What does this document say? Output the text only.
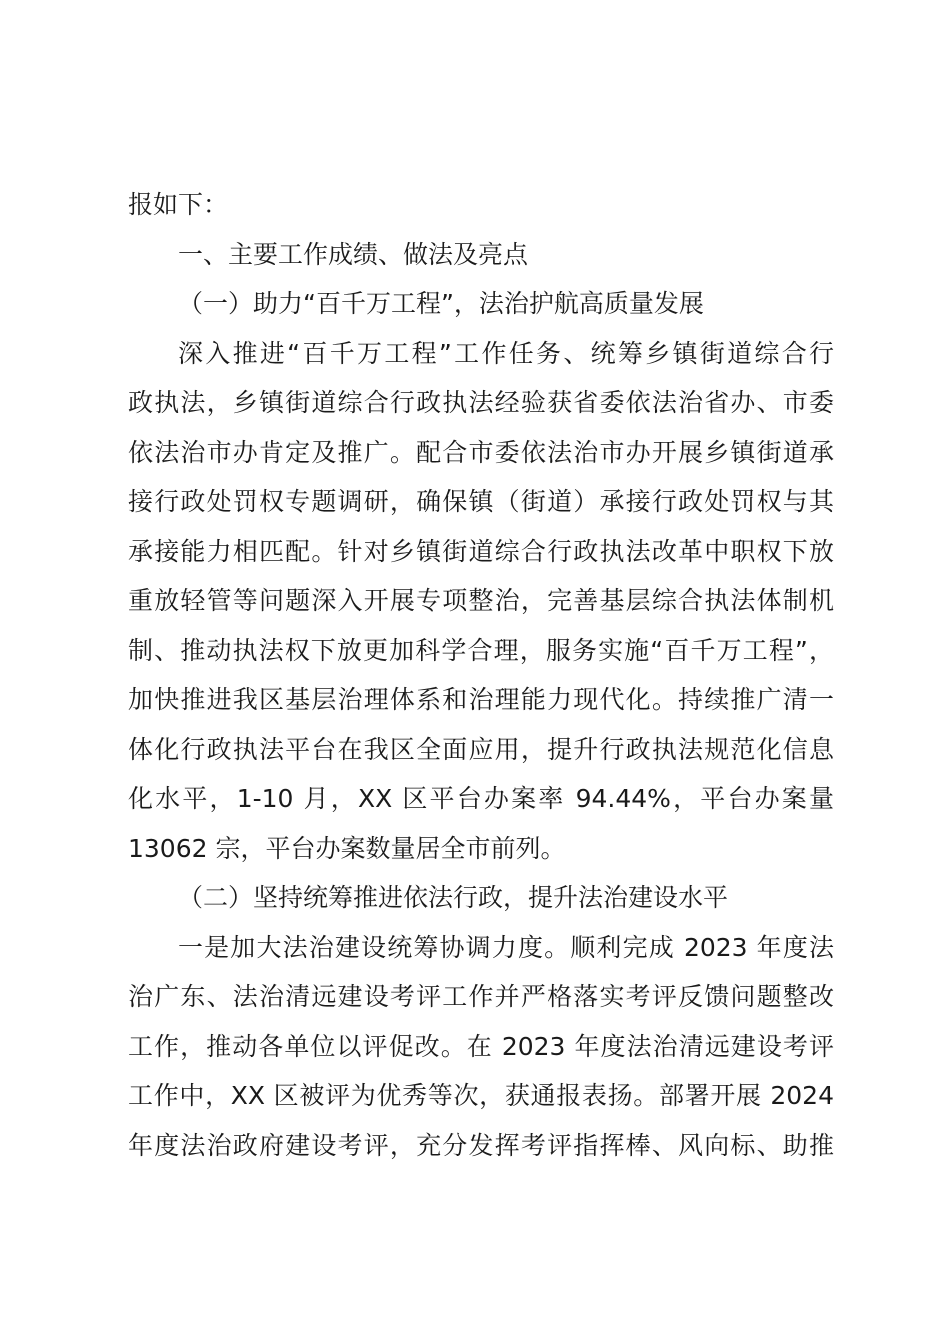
报如下：
一、主要工作成绩、做法及亮点
（一）助力“百千万工程”，法治护航高质量发展
深入推进“百千万工程”工作任务、统筹乡镇街道综合行
政执法，乡镇街道综合行政执法经验获省委依法治省办、市委
依法治市办肯定及推广。配合市委依法治市办开展乡镇街道承
接行政处罚权专题调研，确保镇（街道）承接行政处罚权与其
承接能力相匹配。针对乡镇街道综合行政执法改革中职权下放
重放轻管等问题深入开展专项整治，完善基层综合执法体制机
制、推动执法权下放更加科学合理，服务实施“百千万工程”，
加快推进我区基层治理体系和治理能力现代化。持续推广清一
体化行政执法平台在我区全面应用，提升行政执法规范化信息
化水平，1-10 月，XX 区平台办案率 94.44%，平台办案量
13062 宗，平台办案数量居全市前列。
（二）坚持统筹推进依法行政，提升法治建设水平
一是加大法治建设统筹协调力度。顺利完成 2023 年度法
治广东、法治清远建设考评工作并严格落实考评反馈问题整改
工作，推动各单位以评促改。在 2023 年度法治清远建设考评
工作中，XX 区被评为优秀等次，获通报表扬。部署开展 2024
年度法治政府建设考评，充分发挥考评指挥棒、风向标、助推
